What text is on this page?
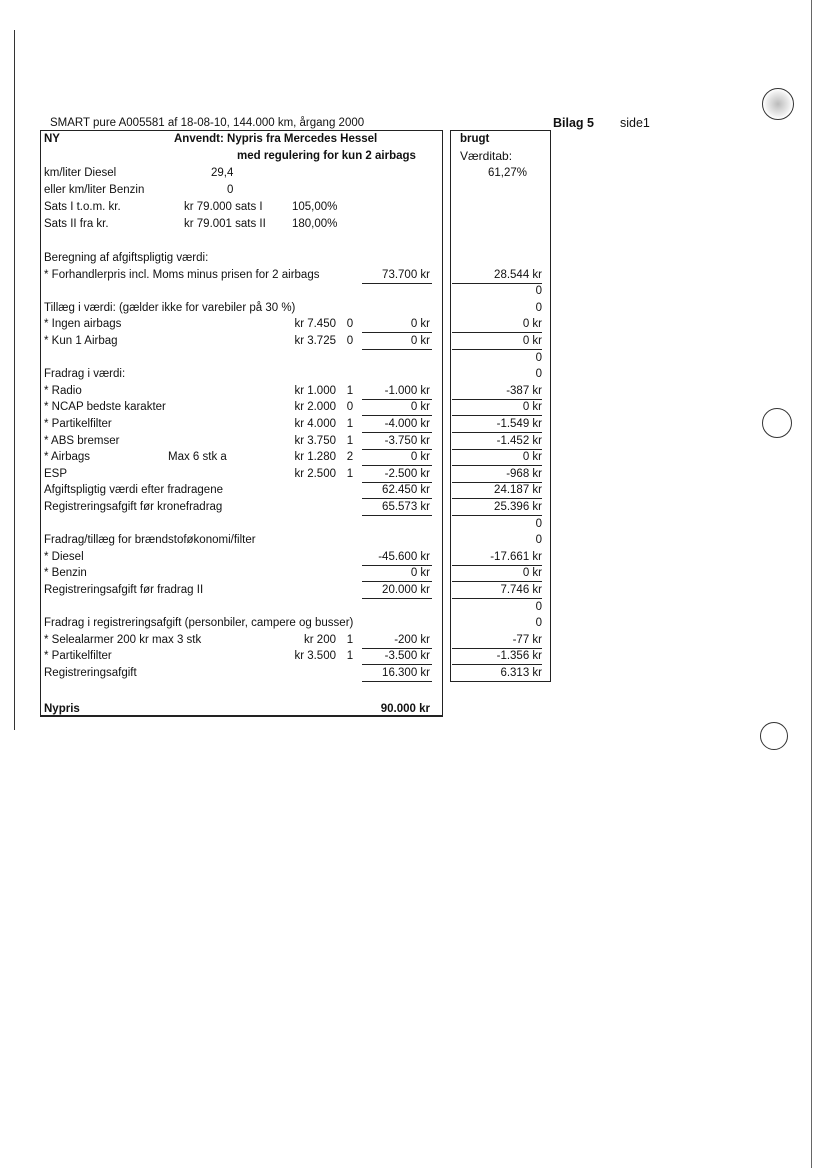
SMART pure A005581 af 18-08-10, 144.000 km, årgang 2000	Bilag 5 side1
NY	Anvendt: Nypris fra Mercedes Hessel
med regulering for kun 2 airbags
brugt
Værditab:
61,27%
km/liter Diesel	29,4
eller km/liter Benzin	0
Sats I t.o.m. kr.	kr 79.000 sats I	105,00%
Sats II fra kr.	kr 79.001 sats II 180,00%
Beregning af afgiftspligtig værdi:
* Forhandlerpris incl. Moms minus prisen for 2 airbags	73.700 kr	28.544 kr
0
Tillæg i værdi: (gælder ikke for varebiler på 30 %)	0
* Ingen airbags	kr 7.450 0	0 kr	0 kr
* Kun 1 Airbag	kr 3.725 0	0 kr	0 kr
0
Fradrag i værdi:	0
* Radio	kr 1.000 1	-1.000 kr	-387 kr
* NCAP bedste karakter	kr 2.000 0	0 kr	0 kr
* Partikelfilter	kr 4.000 1	-4.000 kr	-1.549 kr
* ABS bremser	kr 3.750 1	-3.750 kr	-1.452 kr
* Airbags	Max 6 stk a	kr 1.280 2	0 kr	0 kr
ESP	kr 2.500 1	-2.500 kr	-968 kr
Afgiftspligtig værdi efter fradragene	62.450 kr	24.187 kr
Registreringsafgift før kronefradrag	65.573 kr	25.396 kr
0
Fradrag/tillæg for brændstoføkonomi/filter	0
* Diesel	-45.600 kr	-17.661 kr
* Benzin	0 kr	0 kr
Registreringsafgift før fradrag II	20.000 kr	7.746 kr
0
Fradrag i registreringsafgift (personbiler, campere og busser)	0
* Selealarmer 200 kr max 3 stk	kr 200 1	-200 kr	-77 kr
* Partikelfilter	kr 3.500 1	-3.500 kr	-1.356 kr
Registreringsafgift	16.300 kr	6.313 kr
Nypris	90.000 kr
